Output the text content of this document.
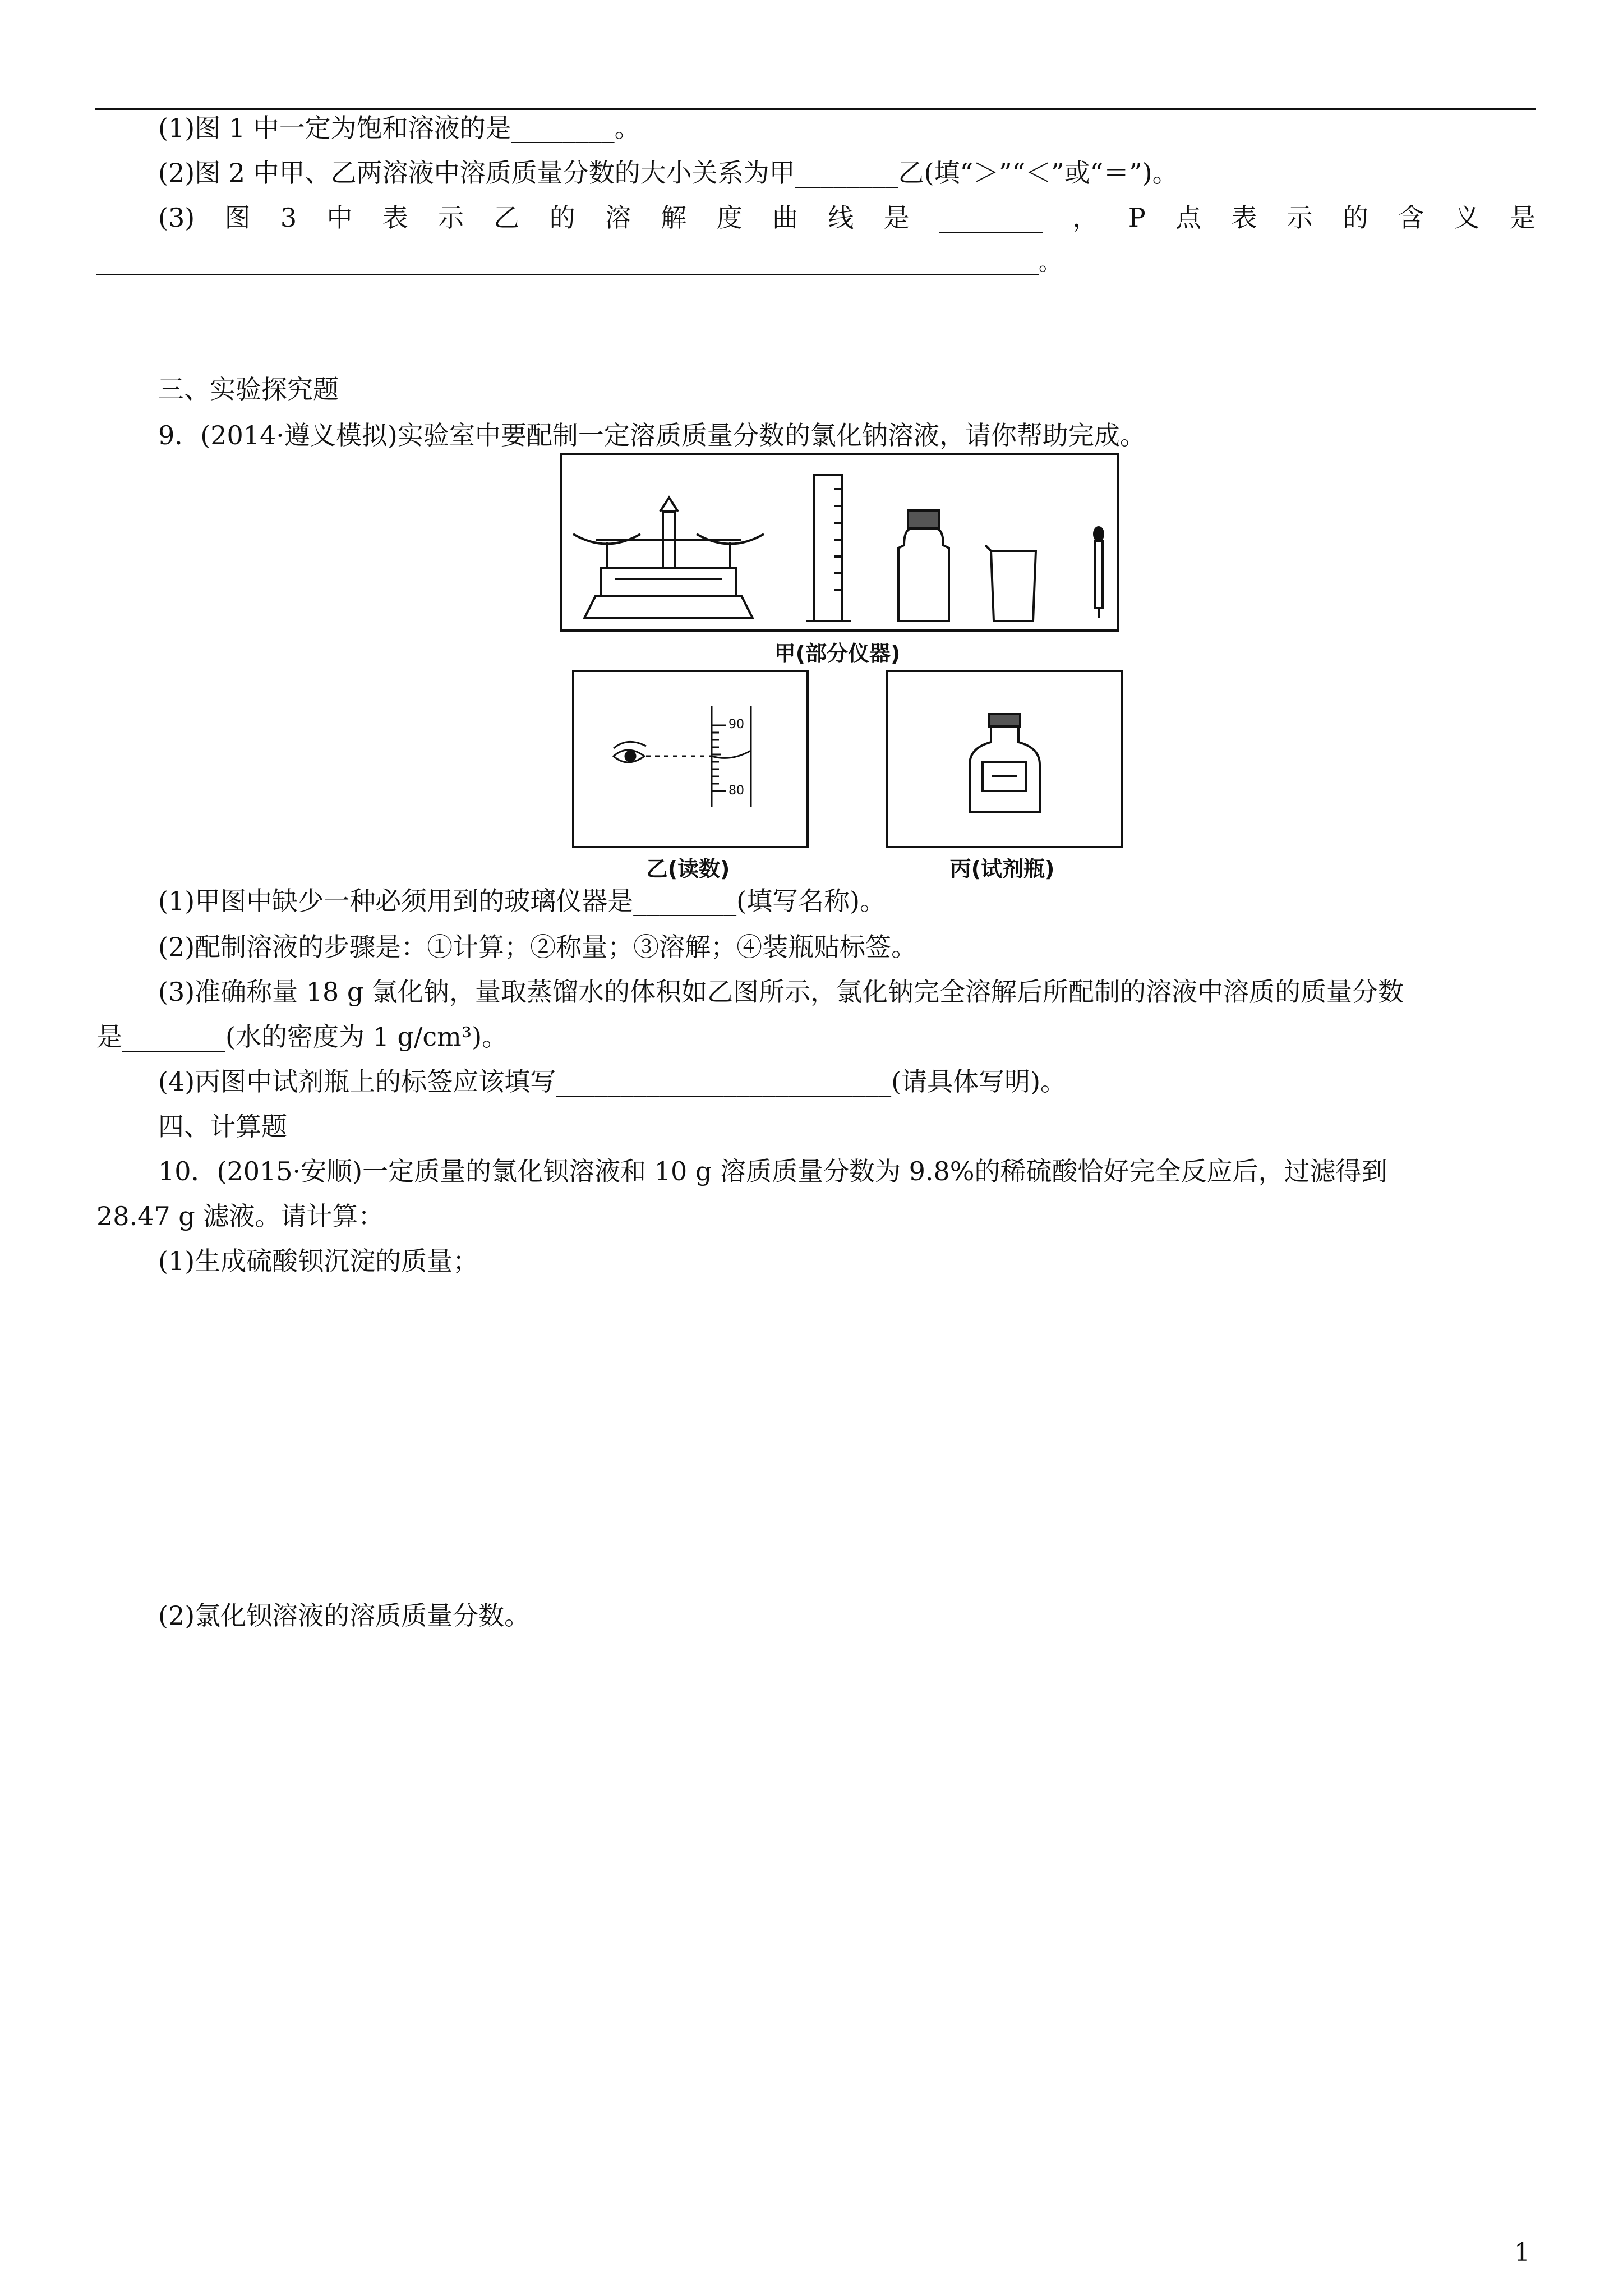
(1)图 1 中一定为饱和溶液的是________。
(2)图 2 中甲、乙两溶液中溶质质量分数的大小关系为甲________乙(填“＞”“＜”或“＝”)。
(3) 图 3 中 表 示 乙 的 溶 解 度 曲 线 是 ________ ， P 点 表 示 的 含 义 是
____________________________________________________________________________________。
三、实验探究题
9．(2014·遵义模拟)实验室中要配制一定溶质质量分数的氯化钠溶液，请你帮助完成。
甲(部分仪器)
90
80
乙(读数)	丙(试剂瓶)
(1)甲图中缺少一种必须用到的玻璃仪器是________(填写名称)。
(2)配制溶液的步骤是：①计算；②称量；③溶解；④装瓶贴标签。
(3)准确称量 18 g 氯化钠，量取蒸馏水的体积如乙图所示，氯化钠完全溶解后所配制的溶液中溶质的质量分数
是________(水的密度为 1 g/cm³)。
(4)丙图中试剂瓶上的标签应该填写__________________________(请具体写明)。
四、计算题
10．(2015·安顺)一定质量的氯化钡溶液和 10 g 溶质质量分数为 9.8%的稀硫酸恰好完全反应后，过滤得到
28.47 g 滤液。请计算：
(1)生成硫酸钡沉淀的质量；
(2)氯化钡溶液的溶质质量分数。
1
